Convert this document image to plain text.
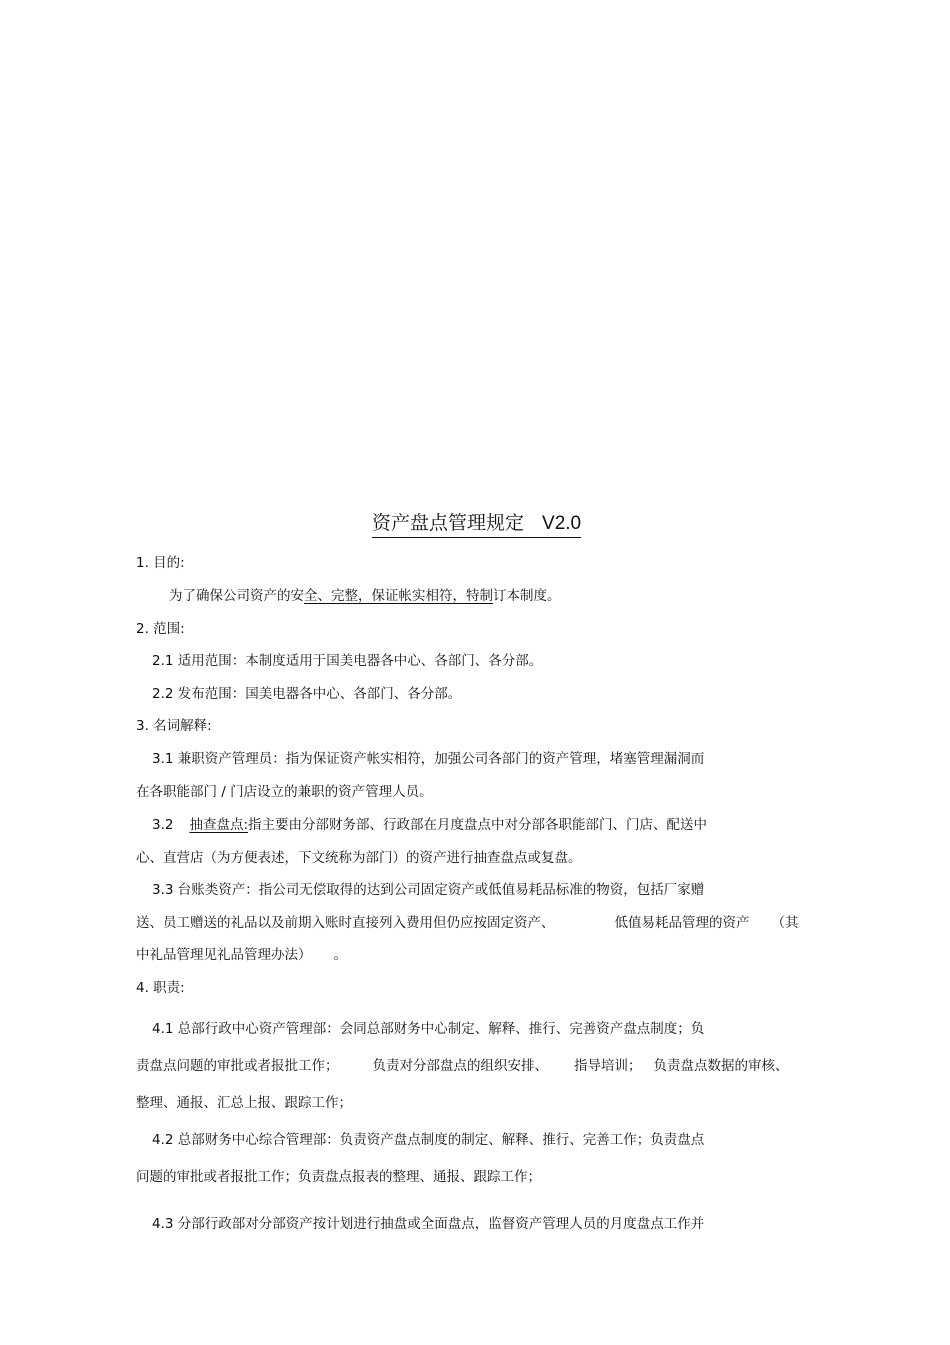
资产盘点管理规定 V2.0
1. 目的:
为了确保公司资产的安全、完整，保证帐实相符，特制订本制度。
2. 范围:
2.1 适用范围：本制度适用于国美电器各中心、各部门、各分部。
2.2 发布范围：国美电器各中心、各部门、各分部。
3. 名词解释:
3.1 兼职资产管理员：指为保证资产帐实相符，加强公司各部门的资产管理，堵塞管理漏洞而
在各职能部门 / 门店设立的兼职的资产管理人员。
3.2 抽查盘点:指主要由分部财务部、行政部在月度盘点中对分部各职能部门、门店、配送中
心、直营店（为方便表述，下文统称为部门）的资产进行抽查盘点或复盘。
3.3 台账类资产：指公司无偿取得的达到公司固定资产或低值易耗品标准的物资，包括厂家赠
送、员工赠送的礼品以及前期入账时直接列入费用但仍应按固定资产、	低值易耗品管理的资产 （其
中礼品管理见礼品管理办法） 。
4. 职责:
4.1 总部行政中心资产管理部：会同总部财务中心制定、解释、推行、完善资产盘点制度；负
责盘点问题的审批或者报批工作；	负责对分部盘点的组织安排、 指导培训； 负责盘点数据的审核、
整理、通报、汇总上报、跟踪工作；
4.2 总部财务中心综合管理部：负责资产盘点制度的制定、解释、推行、完善工作；负责盘点
问题的审批或者报批工作；负责盘点报表的整理、通报、跟踪工作；
4.3 分部行政部对分部资产按计划进行抽盘或全面盘点，监督资产管理人员的月度盘点工作并
